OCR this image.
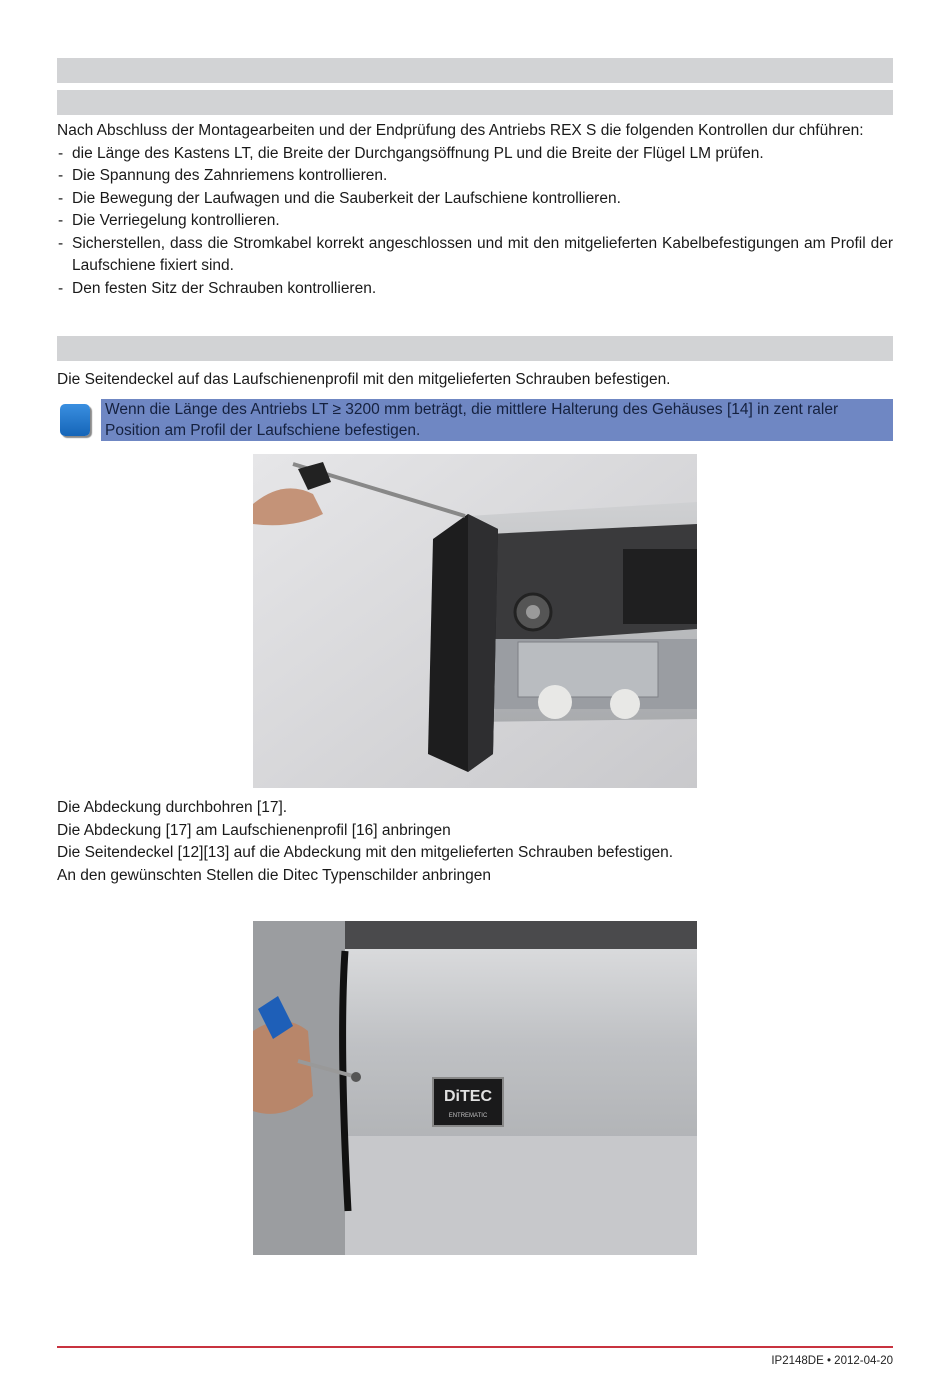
Nach Abschluss der Montagearbeiten und der Endprüfung des Antriebs REX S die folgenden Kontrollen dur chführen:

- die Länge des Kastens LT, die Breite der Durchgangsöffnung PL und die Breite der Flügel LM prüfen.
- Die Spannung des Zahnriemens kontrollieren.
- Die Bewegung der Laufwagen und die Sauberkeit der Laufschiene kontrollieren.
- Die Verriegelung kontrollieren.
- Sicherstellen, dass die Stromkabel korrekt angeschlossen und mit den mitgelieferten Kabelbefestigungen am Profil der Laufschiene fixiert sind.
- Den festen Sitz der Schrauben kontrollieren.

Die Seitendeckel auf das Laufschienenprofil mit den mitgelieferten Schrauben befestigen.

Wenn die Länge des Antriebs LT ≥ 3200 mm beträgt, die mittlere Halterung des Gehäuses [14] in zent raler Position am Profil der Laufschiene befestigen.

Die Abdeckung durchbohren [17].

Die Abdeckung [17] am Laufschienenprofil [16] anbringen

Die Seitendeckel [12][13] auf die Abdeckung mit den mitgelieferten Schrauben befestigen.

An den gewünschten Stellen die Ditec Typenschilder anbringen

DiTEC
ENTREMATIC
IP2148DE • 2012-04-20
